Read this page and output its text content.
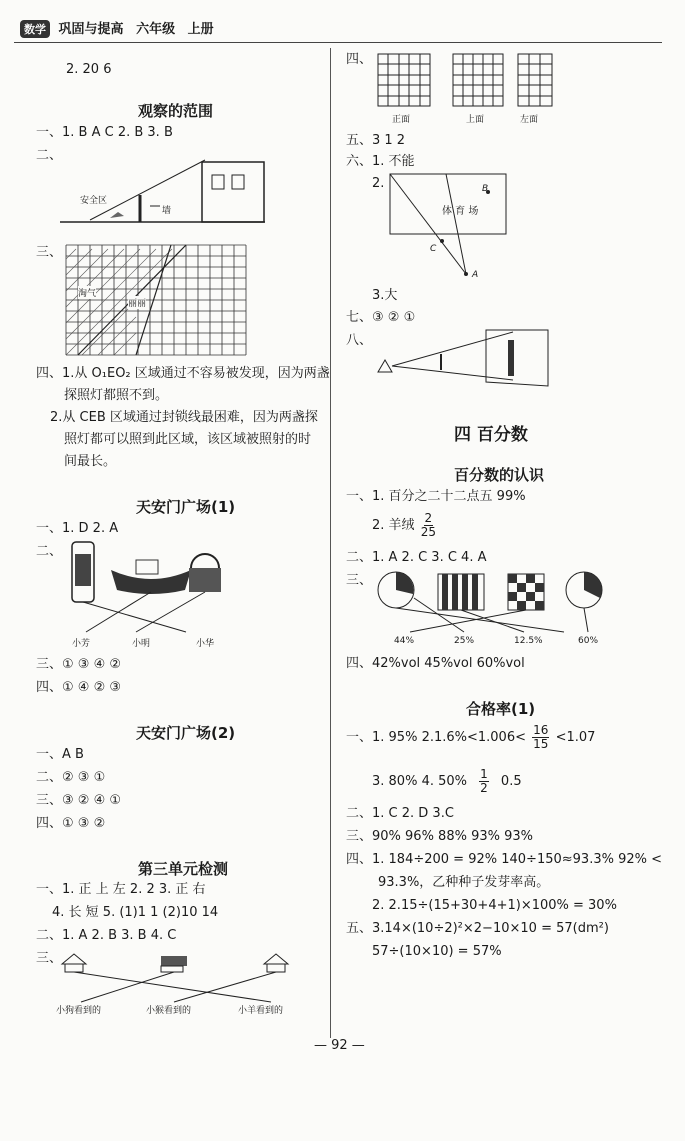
数学 巩固与提高 六年级 上册
2. 20 6
观察的范围
一、1. B A C 2. B 3. B
二、
安全区
墙
三、
淘气
丽丽
四、1.从 O₁EO₂ 区域通过不容易被发现，因为两盏
探照灯都照不到。
2.从 CEB 区域通过封锁线最困难，因为两盏探
照灯都可以照到此区域，该区域被照射的时
间最长。
天安门广场(1)
一、1. D 2. A
二、
小芳	小明	小华
三、① ③ ④ ②
四、① ④ ② ③
天安门广场(2)
一、A B
二、② ③ ①
三、③ ② ④ ①
四、① ③ ②
第三单元检测
一、1. 正 上 左 2. 2 3. 正 右
4. 长 短 5. (1)1 1 (2)10 14
二、1. A 2. B 3. B 4. C
三、
小狗看到的	小猴看到的	小羊看到的
四、
正面	上面	左面
五、3 1 2
六、1. 不能
2.
体 育 场
B
C
A
3.大
七、③ ② ①
八、
四 百分数
百分数的认识
一、1. 百分之二十二点五 99%
2. 羊绒 $\frac{2}{25}$
二、1. A 2. C 3. C 4. A
三、
44%	25%	12.5%	60%
四、42%vol 45%vol 60%vol
合格率(1)
一、1. 95% $2.1.6\%<1.006< \frac{16}{15} <1.07$
3. 80% 4. $50\% \frac{1}{2} 0.5$
二、1. C 2. D 3.C
三、90% 96% 88% 93% 93%
四、1. 184÷200 = 92% 140÷150≈93.3% 92% <
93.3%，乙种种子发芽率高。
2. 2.15÷(15+30+4+1)×100% = 30%
五、3.14×(10÷2)²×2−10×10 = 57(dm²)
57÷(10×10) = 57%
— 92 —
